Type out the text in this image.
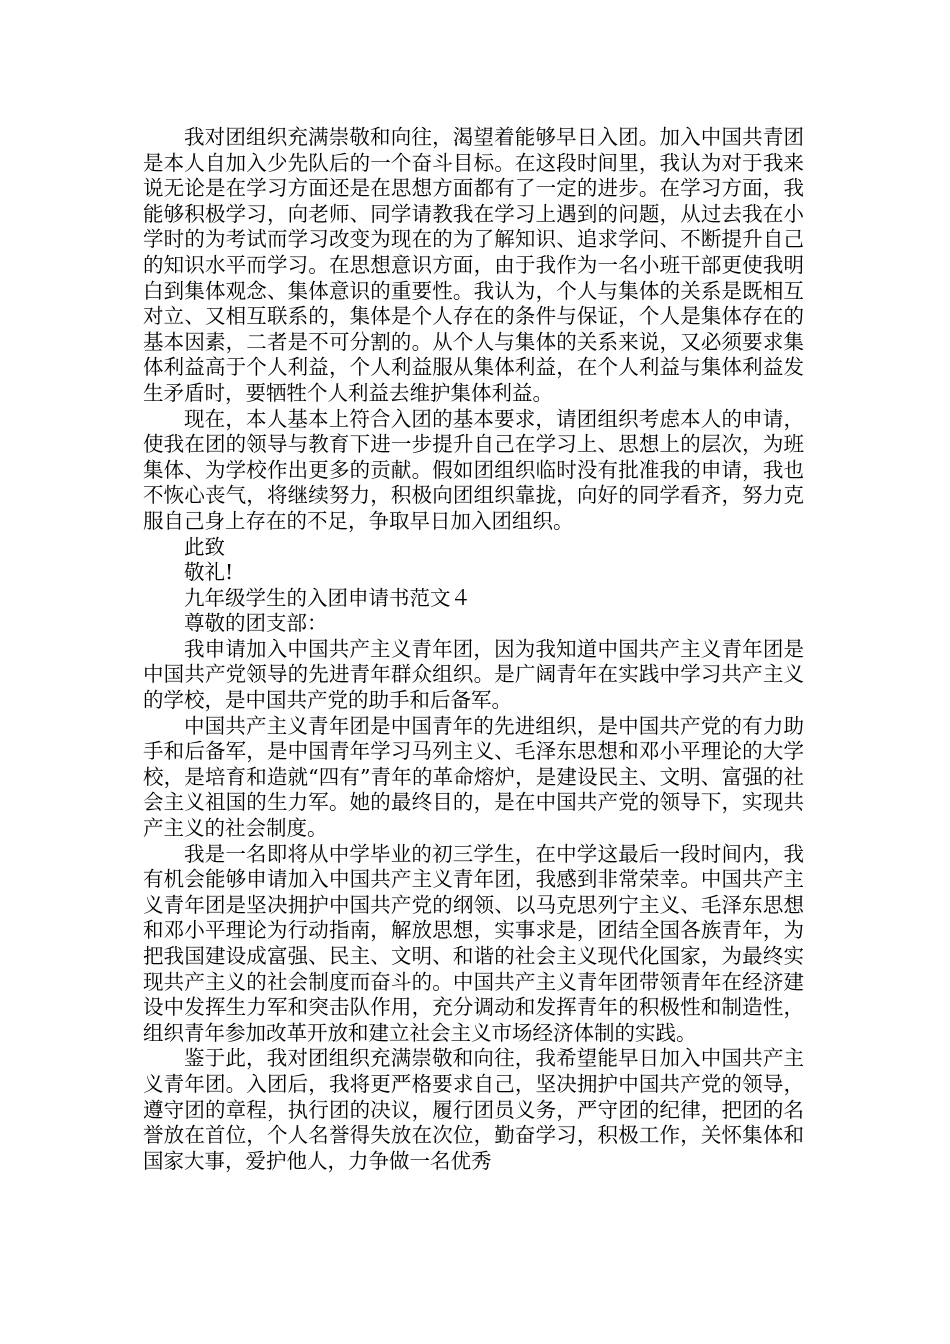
我对团组织充满崇敬和向往，渴望着能够早日入团。加入中国共青团是本人自加入少先队后的一个奋斗目标。在这段时间里，我认为对于我来说无论是在学习方面还是在思想方面都有了一定的进步。在学习方面，我能够积极学习，向老师、同学请教我在学习上遇到的问题，从过去我在小学时的为考试而学习改变为现在的为了解知识、追求学问、不断提升自己的知识水平而学习。在思想意识方面，由于我作为一名小班干部更使我明白到集体观念、集体意识的重要性。我认为，个人与集体的关系是既相互对立、又相互联系的，集体是个人存在的条件与保证，个人是集体存在的基本因素，二者是不可分割的。从个人与集体的关系来说，又必须要求集体利益高于个人利益，个人利益服从集体利益，在个人利益与集体利益发生矛盾时，要牺牲个人利益去维护集体利益。

现在，本人基本上符合入团的基本要求，请团组织考虑本人的申请，使我在团的领导与教育下进一步提升自己在学习上、思想上的层次，为班集体、为学校作出更多的贡献。假如团组织临时没有批准我的申请，我也不恢心丧气，将继续努力，积极向团组织靠拢，向好的同学看齐，努力克服自己身上存在的不足，争取早日加入团组织。

此致

敬礼!

九年级学生的入团申请书范文４

尊敬的团支部：

我申请加入中国共产主义青年团，因为我知道中国共产主义青年团是中国共产党领导的先进青年群众组织。是广阔青年在实践中学习共产主义的学校，是中国共产党的助手和后备军。

中国共产主义青年团是中国青年的先进组织，是中国共产党的有力助手和后备军，是中国青年学习马列主义、毛泽东思想和邓小平理论的大学校，是培育和造就“四有”青年的革命熔炉，是建设民主、文明、富强的社会主义祖国的生力军。她的最终目的，是在中国共产党的领导下，实现共产主义的社会制度。

我是一名即将从中学毕业的初三学生，在中学这最后一段时间内，我有机会能够申请加入中国共产主义青年团，我感到非常荣幸。中国共产主义青年团是坚决拥护中国共产党的纲领、以马克思列宁主义、毛泽东思想和邓小平理论为行动指南，解放思想，实事求是，团结全国各族青年，为把我国建设成富强、民主、文明、和谐的社会主义现代化国家，为最终实现共产主义的社会制度而奋斗的。中国共产主义青年团带领青年在经济建设中发挥生力军和突击队作用，充分调动和发挥青年的积极性和制造性，组织青年参加改革开放和建立社会主义市场经济体制的实践。

鉴于此，我对团组织充满崇敬和向往，我希望能早日加入中国共产主义青年团。入团后，我将更严格要求自己，坚决拥护中国共产党的领导，遵守团的章程，执行团的决议，履行团员义务，严守团的纪律，把团的名誉放在首位，个人名誉得失放在次位，勤奋学习，积极工作，关怀集体和国家大事，爱护他人，力争做一名优秀
